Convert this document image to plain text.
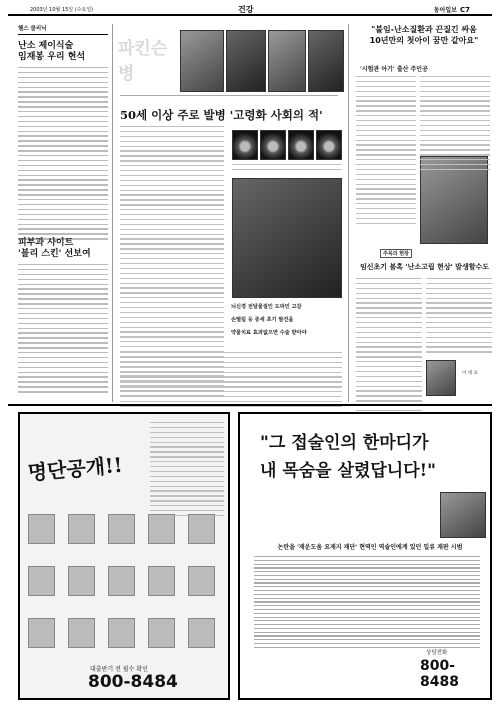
2003년 10월 15일 (수요일)	건강	동아일보 C7
헬스 클리닉
난소 제이식술
임재봉 우리 현석
피부과 사이트
'블리 스킨' 선보여
파킨슨병
50세 이상 주로 발병 '고령화 사회의 적'
뇌신경 전달물질인 도파민 고갈
손떨림 등 증세 초기 발견을
약물치료 효과없으면 수술 받아야
"불임-난소질환과 끈질긴 싸움
10년만의 첫아이 꿈만 같아요"
'시험관 아기' 출산 주인공
주목의 현장
임신초기 불혹 '난소고립 현상' 발생할수도
이 대 표
명단공개!!
대출받기 전 필수 확인
800-8484
"그 접술인의 한마디가
내 목숨을 살렸답니다!"
논란을 '재운도움 요재지 재단' 현역인 역술인에게 있던 일류 재판 시범
상담전화
800-8488
